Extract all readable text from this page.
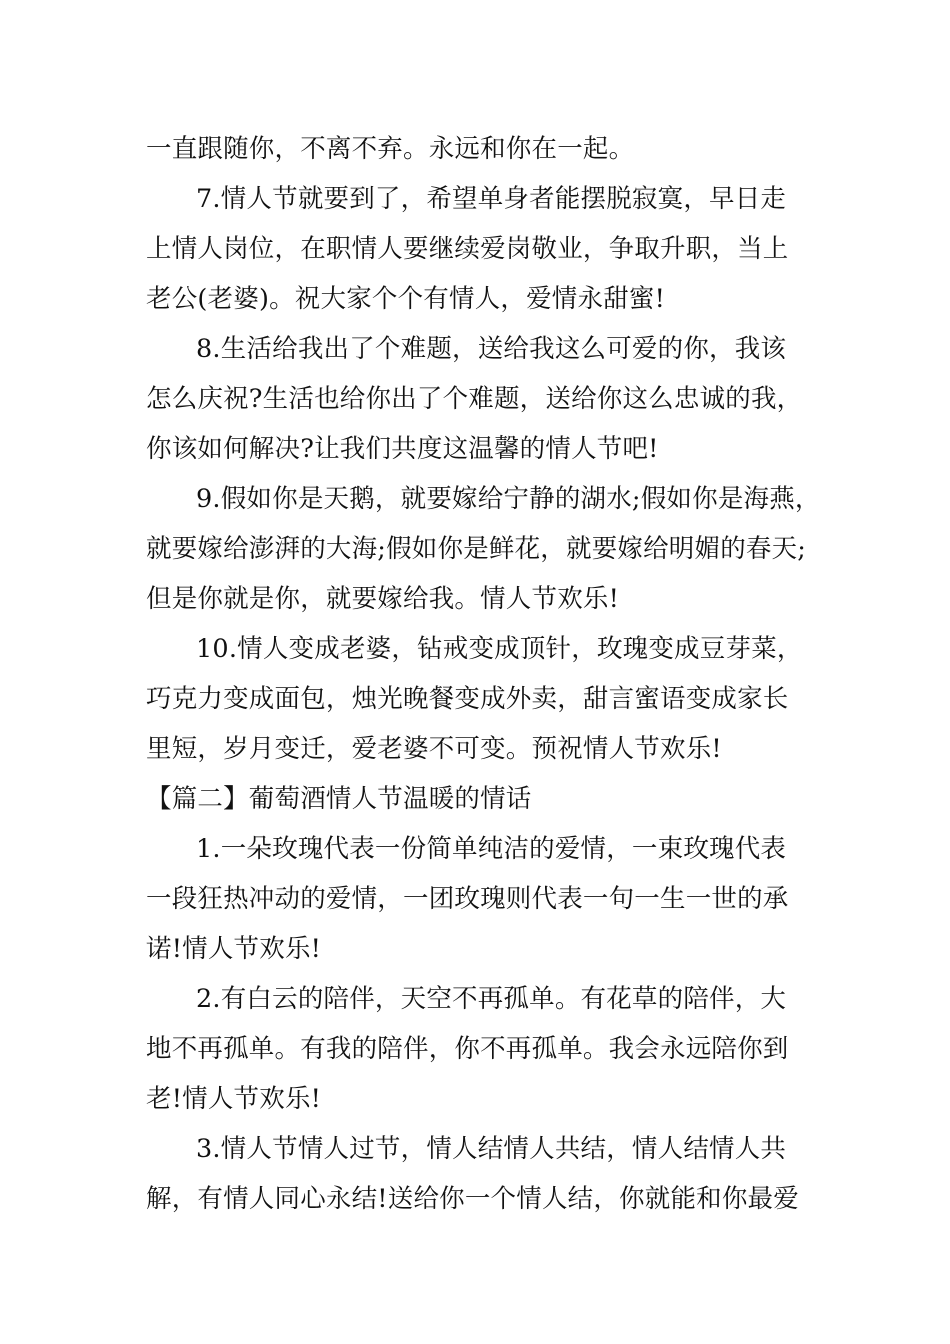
一直跟随你，不离不弃。永远和你在一起。
7.情人节就要到了，希望单身者能摆脱寂寞，早日走
上情人岗位，在职情人要继续爱岗敬业，争取升职，当上
老公(老婆)。祝大家个个有情人，爱情永甜蜜!
8.生活给我出了个难题，送给我这么可爱的你，我该
怎么庆祝?生活也给你出了个难题，送给你这么忠诚的我，
你该如何解决?让我们共度这温馨的情人节吧!
9.假如你是天鹅，就要嫁给宁静的湖水;假如你是海燕，
就要嫁给澎湃的大海;假如你是鲜花，就要嫁给明媚的春天;
但是你就是你，就要嫁给我。情人节欢乐!
10.情人变成老婆，钻戒变成顶针，玫瑰变成豆芽菜，
巧克力变成面包，烛光晚餐变成外卖，甜言蜜语变成家长
里短，岁月变迁，爱老婆不可变。预祝情人节欢乐!
【篇二】葡萄酒情人节温暖的情话
1.一朵玫瑰代表一份简单纯洁的爱情，一束玫瑰代表
一段狂热冲动的爱情，一团玫瑰则代表一句一生一世的承
诺!情人节欢乐!
2.有白云的陪伴，天空不再孤单。有花草的陪伴，大
地不再孤单。有我的陪伴，你不再孤单。我会永远陪你到
老!情人节欢乐!
3.情人节情人过节，情人结情人共结，情人结情人共
解，有情人同心永结!送给你一个情人结，你就能和你最爱
